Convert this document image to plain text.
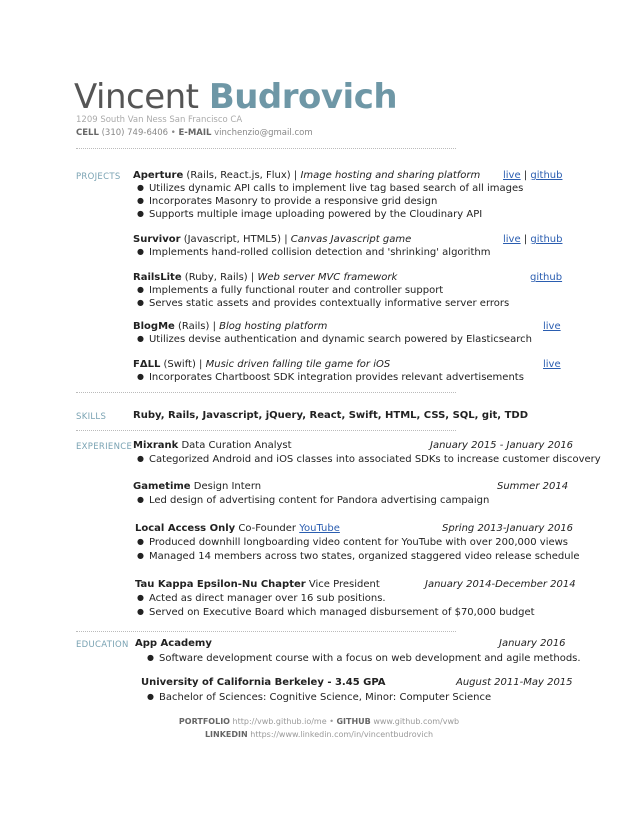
Vincent Budrovich
1209 South Van Ness San Francisco CA
CELL (310) 749-6406 • E-MAIL vinchenzio@gmail.com
PROJECTS Aperture (Rails, React.js, Flux) | Image hosting and sharing platform live | github
● Utilizes dynamic API calls to implement live tag based search of all images
● Incorporates Masonry to provide a responsive grid design
● Supports multiple image uploading powered by the Cloudinary API
Survivor (Javascript, HTML5) | Canvas Javascript game	live | github
● Implements hand-rolled collision detection and 'shrinking' algorithm
RailsLite (Ruby, Rails) | Web server MVC framework	github
● Implements a fully functional router and controller support
● Serves static assets and provides contextually informative server errors
BlogMe (Rails) | Blog hosting platform	live
● Utilizes devise authentication and dynamic search powered by Elasticsearch
FΔLL (Swift) | Music driven falling tile game for iOS	live
● Incorporates Chartboost SDK integration provides relevant advertisements
SKILLS	Ruby, Rails, Javascript, jQuery, React, Swift, HTML, CSS, SQL, git, TDD
EXPERIENCE Mixrank Data Curation Analyst	January 2015 - January 2016
● Categorized Android and iOS classes into associated SDKs to increase customer discovery
Gametime Design Intern	Summer 2014
● Led design of advertising content for Pandora advertising campaign
Local Access Only Co-Founder YouTube	Spring 2013-January 2016
● Produced downhill longboarding video content for YouTube with over 200,000 views
● Managed 14 members across two states, organized staggered video release schedule
Tau Kappa Epsilon-Nu Chapter Vice President	January 2014-December 2014
● Acted as direct manager over 16 sub positions.
● Served on Executive Board which managed disbursement of $70,000 budget
EDUCATION App Academy	January 2016
● Software development course with a focus on web development and agile methods.
University of California Berkeley - 3.45 GPA	August 2011-May 2015
● Bachelor of Sciences: Cognitive Science, Minor: Computer Science
PORTFOLIO http://vwb.github.io/me • GITHUB www.github.com/vwb
LINKEDIN https://www.linkedin.com/in/vincentbudrovich
